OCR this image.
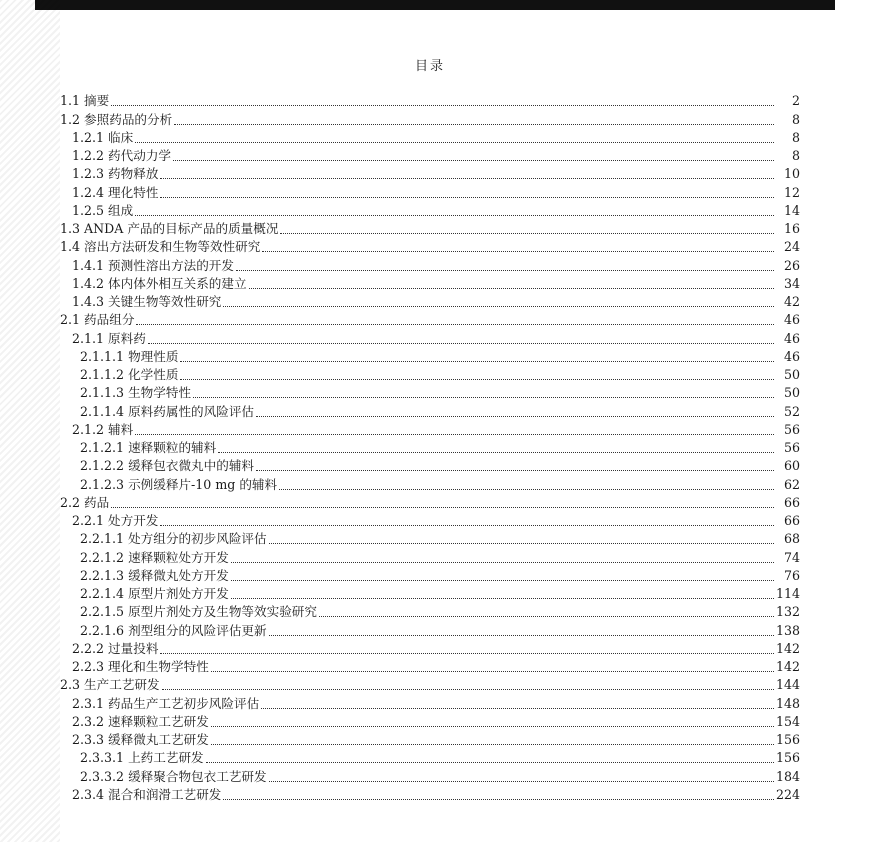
目录
1.1 摘要	2
1.2 参照药品的分析	8
1.2.1 临床	8
1.2.2 药代动力学	8
1.2.3 药物释放	10
1.2.4 理化特性	12
1.2.5 组成	14
1.3 ANDA 产品的目标产品的质量概况	16
1.4 溶出方法研发和生物等效性研究	24
1.4.1 预测性溶出方法的开发	26
1.4.2 体内体外相互关系的建立	34
1.4.3 关键生物等效性研究	42
2.1 药品组分	46
2.1.1 原料药	46
2.1.1.1 物理性质	46
2.1.1.2 化学性质	50
2.1.1.3 生物学特性	50
2.1.1.4 原料药属性的风险评估	52
2.1.2 辅料	56
2.1.2.1 速释颗粒的辅料	56
2.1.2.2 缓释包衣微丸中的辅料	60
2.1.2.3 示例缓释片-10 mg 的辅料	62
2.2 药品	66
2.2.1 处方开发	66
2.2.1.1 处方组分的初步风险评估	68
2.2.1.2 速释颗粒处方开发	74
2.2.1.3 缓释微丸处方开发	76
2.2.1.4 原型片剂处方开发	114
2.2.1.5 原型片剂处方及生物等效实验研究	132
2.2.1.6 剂型组分的风险评估更新	138
2.2.2 过量投料	142
2.2.3 理化和生物学特性	142
2.3 生产工艺研发	144
2.3.1 药品生产工艺初步风险评估	148
2.3.2 速释颗粒工艺研发	154
2.3.3 缓释微丸工艺研发	156
2.3.3.1 上药工艺研发	156
2.3.3.2 缓释聚合物包衣工艺研发	184
2.3.4 混合和润滑工艺研发	224
